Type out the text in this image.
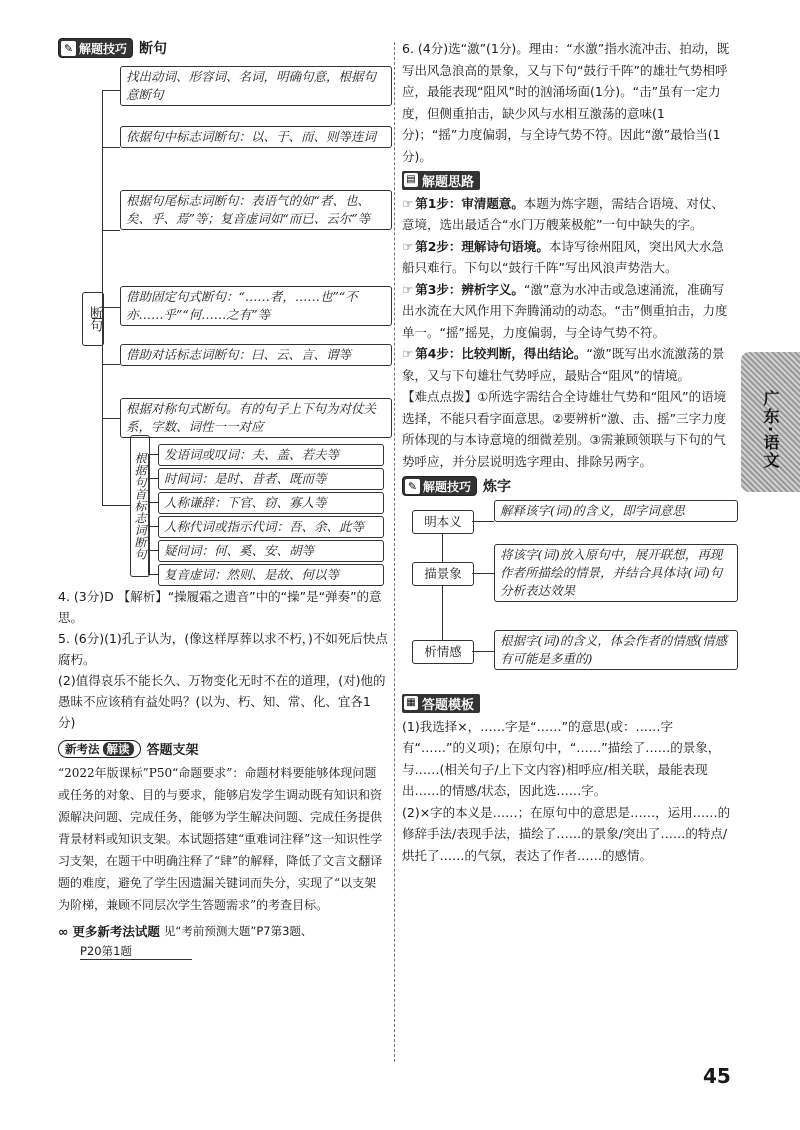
✎ 解题技巧 断句
断句
找出动词、形容词、名词，明确句意，根据句意断句
依据句中标志词断句：以、于、而、则等连词
根据句尾标志词断句：表语气的如“者、也、矣、乎、焉”等；复音虚词如“而已、云尔”等
借助固定句式断句：“……者，……也”“不亦……乎”“何……之有”等
借助对话标志词断句：曰、云、言、谓等
根据对称句式断句。有的句子上下句为对仗关系，字数、词性一一对应
根据句首标志词断句	发语词或叹词：夫、盖、若夫等
时间词：是时、昔者、既而等
人称谦辞：下官、窃、寡人等
人称代词或指示代词：吾、余、此等
疑问词：何、奚、安、胡等
复音虚词：然则、是故、何以等

4. (3分)D 【解析】“操履霜之遗音”中的“操”是“弹奏”的意思。

5. (6分)(1)孔子认为，(像这样厚葬以求不朽，)不如死后快点腐朽。

(2)值得哀乐不能长久、万物变化无时不在的道理，(对)他的愚昧不应该稍有益处吗？(以为、朽、知、常、化、宜各1分)

新考法 解读	答题支架

“2022年版课标”P50“命题要求”：命题材料要能够体现问题或任务的对象、目的与要求，能够启发学生调动既有知识和资源解决问题、完成任务，能够为学生解决问题、完成任务提供背景材料或知识支架。本试题搭建“重难词注释”这一知识性学习支架，在题干中明确注释了“肆”的解释，降低了文言文翻译题的难度，避免了学生因遗漏关键词而失分，实现了“以支架为阶梯，兼顾不同层次学生答题需求”的考查目标。

∞ 更多新考法试题 见“考前预测大题”P7第3题、
P20第1题

6. (4分)选“激”(1分)。理由：“水激”指水流冲击、拍动，既写出风急浪高的景象，又与下句“鼓行千阵”的雄壮气势相呼应，最能表现“阻风”时的汹涌场面(1分)。“击”虽有一定力度，但侧重拍击，缺少风与水相互激荡的意味(1分)；“摇”力度偏弱，与全诗气势不符。因此“激”最恰当(1分)。

▤ 解题思路

☞ 第1步：审清题意。本题为炼字题，需结合语境、对仗、意境，选出最适合“水门万艘莱极舵”一句中缺失的字。

☞ 第2步：理解诗句语境。本诗写徐州阻风，突出风大水急船只难行。下句以“鼓行千阵”写出风浪声势浩大。

☞ 第3步：辨析字义。“激”意为水冲击或急速涌流，准确写出水流在大风作用下奔腾涌动的动态。“击”侧重拍击，力度单一。“摇”摇晃，力度偏弱，与全诗气势不符。

☞ 第4步：比较判断，得出结论。“激”既写出水流激荡的景象，又与下句雄壮气势呼应，最贴合“阻风”的情境。

【难点点拨】①所选字需结合全诗雄壮气势和“阻风”的语境选择，不能只看字面意思。②要辨析“激、击、摇”三字力度所体现的与本诗意境的细微差别。③需兼顾领联与下句的气势呼应，并分层说明选字理由、排除另两字。

✎ 解题技巧 炼字
明本义
解释该字(词)的含义，即字词意思
描景象
将该字(词)放入原句中，展开联想，再现作者所描绘的情景，并结合具体诗(词)句分析表达效果
析情感
根据字(词)的含义，体会作者的情感(情感有可能是多重的)
▦ 答题模板

(1)我选择×，……字是“……”的意思(或：……字有“……”的义项)；在原句中，“……”描绘了……的景象，与……(相关句子/上下文内容)相呼应/相关联，最能表现出……的情感/状态，因此选……字。

(2)×字的本义是……；在原句中的意思是……，运用……的修辞手法/表现手法，描绘了……的景象/突出了……的特点/烘托了……的气氛，表达了作者……的感情。

广东·语文
45
